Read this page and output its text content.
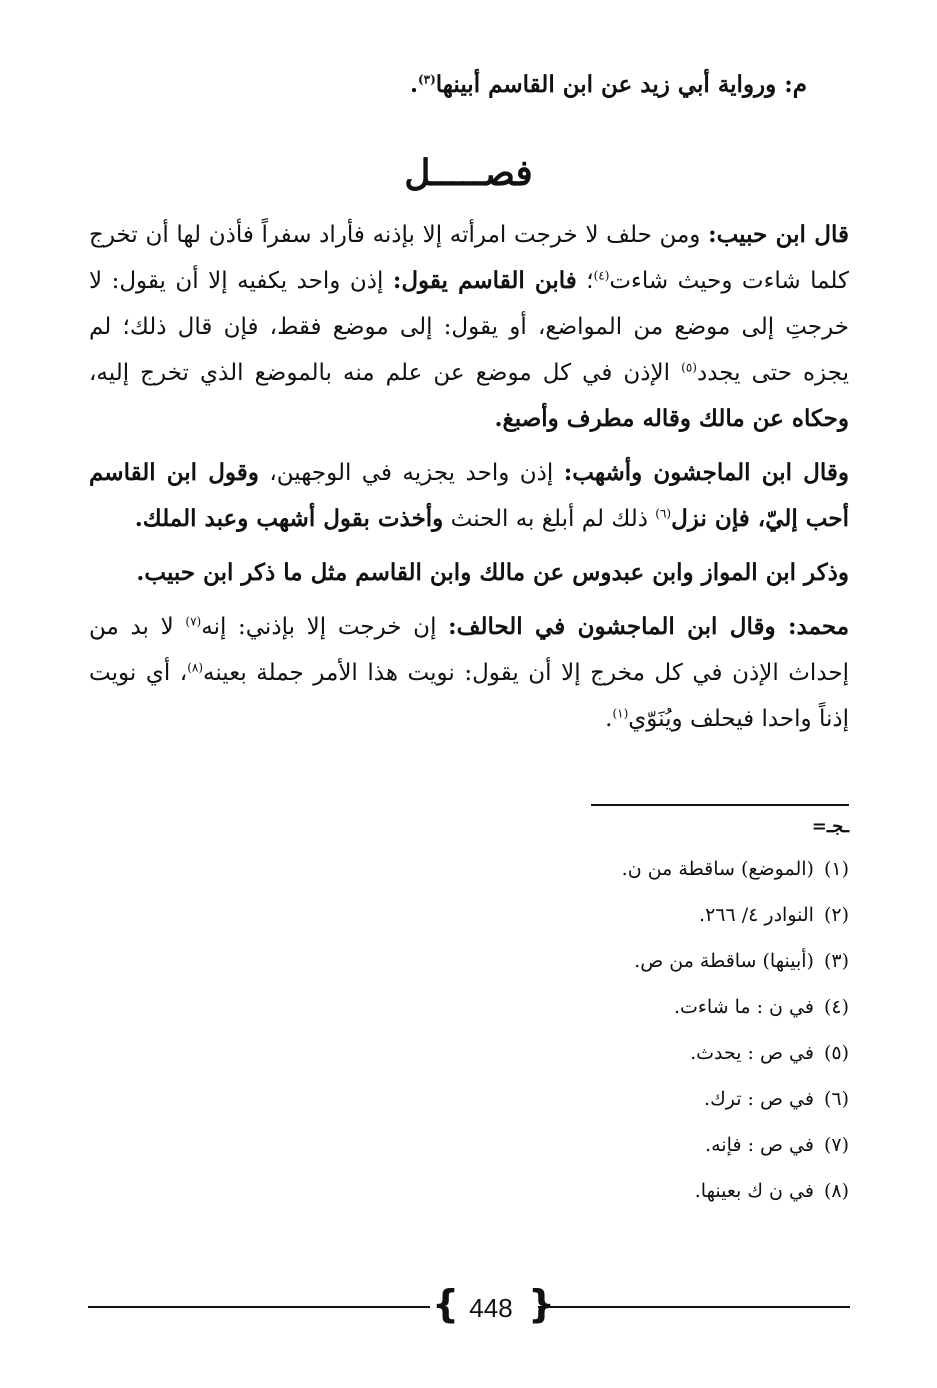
م: ورواية أبي زيد عن ابن القاسم أبينها$^{(٣)}$.
فصـــــل

قال ابن حبيب: ومن حلف لا خرجت امرأته إلا بإذنه فأراد سفراً فأذن لها أن تخرج كلما شاءت وحيث شاءت$^{(٤)}$؛ فابن القاسم يقول: إذن واحد يكفيه إلا أن يقول: لا خرجتِ إلى موضع من المواضع، أو يقول: إلى موضع فقط، فإن قال ذلك؛ لم يجزه حتى يجدد$^{(٥)}$ الإذن في كل موضع عن علم منه بالموضع الذي تخرج إليه، وحكاه عن مالك وقاله مطرف وأصبغ.

وقال ابن الماجشون وأشهب: إذن واحد يجزيه في الوجهين، وقول ابن القاسم أحب إليّ، فإن نزل$^{(٦)}$ ذلك لم أبلغ به الحنث وأخذت بقول أشهب وعبد الملك.

وذكر ابن المواز وابن عبدوس عن مالك وابن القاسم مثل ما ذكر ابن حبيب.

محمد: وقال ابن الماجشون في الحالف: إن خرجت إلا بإذني: إنه$^{(٧)}$ لا بد من إحداث الإذن في كل مخرج إلا أن يقول: نويت هذا الأمر جملة بعينه$^{(٨)}$، أي نويت إذناً واحدا فيحلف ويُنَوّي$^{(١)}$.

ـجـ=
(١)(الموضع) ساقطة من ن.
(٢)النوادر ٤/ ٢٦٦.
(٣)(أبينها) ساقطة من ص.
(٤)في ن : ما شاءت.
(٥)في ص : يحدث.
(٦)في ص : ترك.
(٧)في ص : فإنه.
(٨)في ن ك بعينها.
{ 448 }
